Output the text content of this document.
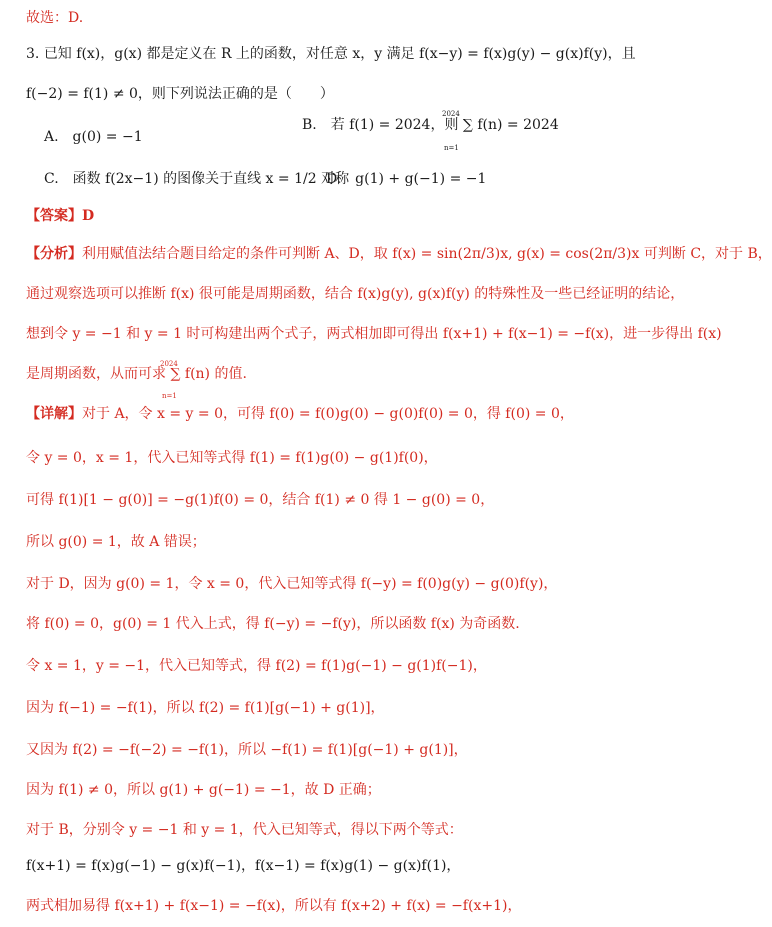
故选：D.
3. 已知 f(x)，g(x) 都是定义在 R 上的函数，对任意 x，y 满足 f(x−y) = f(x)g(y) − g(x)f(y)，且
f(−2) = f(1) ≠ 0，则下列说法正确的是（　　）
A.　g(0) = −1
B.　若 f(1) = 2024，则 ∑ f(n) = 2024
2024
n=1
C.　函数 f(2x−1) 的图像关于直线 x = 1/2 对称
D.　g(1) + g(−1) = −1
【答案】D
【分析】利用赋值法结合题目给定的条件可判断 A、D，取 f(x) = sin(2π/3)x, g(x) = cos(2π/3)x 可判断 C，对于 B，
通过观察选项可以推断 f(x) 很可能是周期函数，结合 f(x)g(y), g(x)f(y) 的特殊性及一些已经证明的结论，
想到令 y = −1 和 y = 1 时可构建出两个式子，两式相加即可得出 f(x+1) + f(x−1) = −f(x)，进一步得出 f(x)
是周期函数，从而可求 ∑ f(n) 的值.
2024
n=1
【详解】对于 A，令 x = y = 0，可得 f(0) = f(0)g(0) − g(0)f(0) = 0，得 f(0) = 0，
令 y = 0，x = 1，代入已知等式得 f(1) = f(1)g(0) − g(1)f(0)，
可得 f(1)[1 − g(0)] = −g(1)f(0) = 0，结合 f(1) ≠ 0 得 1 − g(0) = 0，
所以 g(0) = 1，故 A 错误；
对于 D，因为 g(0) = 1，令 x = 0，代入已知等式得 f(−y) = f(0)g(y) − g(0)f(y)，
将 f(0) = 0，g(0) = 1 代入上式，得 f(−y) = −f(y)，所以函数 f(x) 为奇函数.
令 x = 1，y = −1，代入已知等式，得 f(2) = f(1)g(−1) − g(1)f(−1)，
因为 f(−1) = −f(1)，所以 f(2) = f(1)[g(−1) + g(1)]，
又因为 f(2) = −f(−2) = −f(1)，所以 −f(1) = f(1)[g(−1) + g(1)]，
因为 f(1) ≠ 0，所以 g(1) + g(−1) = −1，故 D 正确；
对于 B，分别令 y = −1 和 y = 1，代入已知等式，得以下两个等式：
f(x+1) = f(x)g(−1) − g(x)f(−1)，f(x−1) = f(x)g(1) − g(x)f(1)，
两式相加易得 f(x+1) + f(x−1) = −f(x)，所以有 f(x+2) + f(x) = −f(x+1)，
